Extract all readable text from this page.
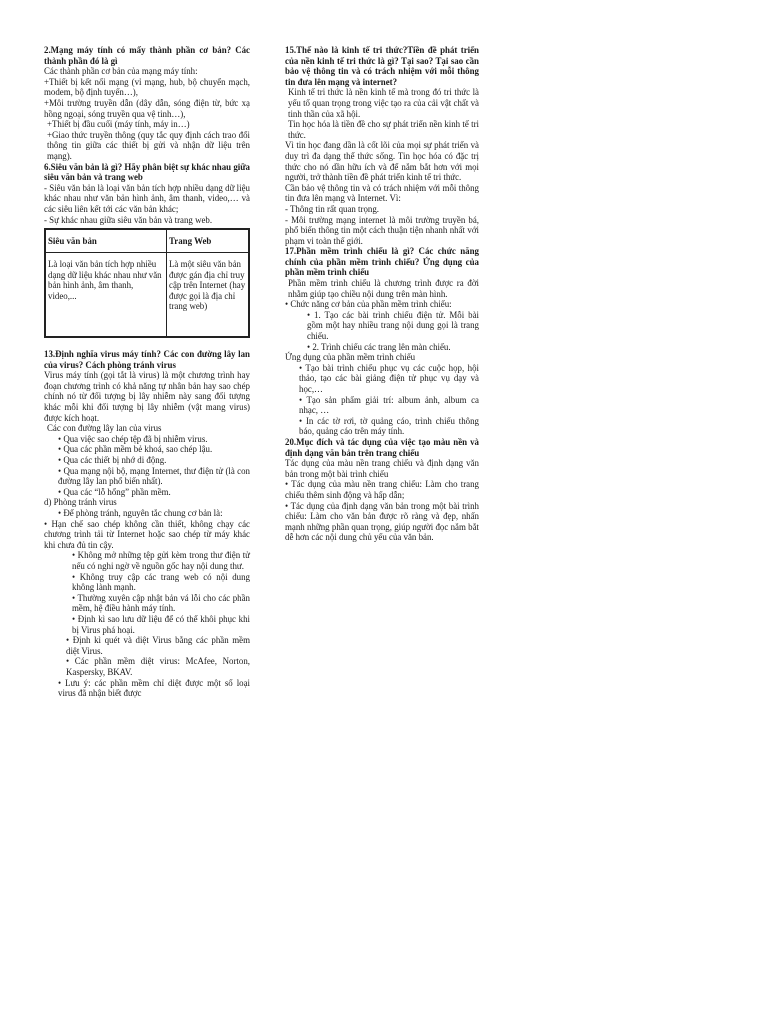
2.Mạng máy tính có mấy thành phần cơ bản? Các thành phần đó là gì

Các thành phần cơ bản của mạng máy tính:

+Thiết bị kết nối mạng (vỉ mạng, hub, bộ chuyển mạch, modem, bộ định tuyến…),

+Môi trường truyền dẫn (dây dẫn, sóng điện từ, bức xạ hồng ngoại, sóng truyền qua vệ tinh…),

+Thiết bị đầu cuối (máy tính, máy in…)

+Giao thức truyền thông (quy tắc quy định cách trao đổi thông tin giữa các thiết bị gửi và nhận dữ liệu trên mạng).

6.Siêu văn bản là gì? Hãy phân biệt sự khác nhau giữa siêu văn bản và trang web

- Siêu văn bản là loại văn bản tích hợp nhiều dạng dữ liệu khác nhau như văn bản hình ảnh, âm thanh, video,… và các siêu liên kết tới các văn bản khác;

- Sự khác nhau giữa siêu văn bản và trang web.

Siêu văn bản	Trang Web
Là loại văn bản tích hợp nhiều dạng dữ liệu khác nhau như văn bản hình ảnh, âm thanh, video,...	Là một siêu văn bản được gán địa chỉ truy cập trên Internet (hay được gọi là địa chỉ trang web)

13.Định nghĩa virus máy tính? Các con đường lây lan của virus? Cách phòng tránh virus

Virus máy tính (gọi tắt là virus) là một chương trình hay đoạn chương trình có khả năng tự nhân bản hay sao chép chính nó từ đối tượng bị lây nhiễm này sang đối tượng khác mỗi khi đối tượng bị lây nhiễm (vật mang virus) được kích hoạt.

Các con đường lây lan của virus

• Qua việc sao chép tệp đã bị nhiễm virus.

• Qua các phần mềm bẻ khoá, sao chép lậu.

• Qua các thiết bị nhớ di động.

• Qua mạng nội bộ, mạng Internet, thư điện tử (là con đường lây lan phổ biến nhất).

• Qua các “lỗ hổng” phần mềm.

d) Phòng tránh virus

• Để phòng tránh, nguyên tắc chung cơ bản là:

• Hạn chế sao chép không cần thiết, không chạy các chương trình tải từ Internet hoặc sao chép từ máy khác khi chưa đủ tin cậy.

• Không mở những tệp gửi kèm trong thư điện tử nếu có nghi ngờ về nguồn gốc hay nội dung thư.

• Không truy cập các trang web có nội dung không lành mạnh.

• Thường xuyên cập nhật bản vá lỗi cho các phần mềm, hệ điều hành máy tính.

• Định kì sao lưu dữ liệu để có thể khôi phục khi bị Virus phá hoại.

• Định kì quét và diệt Virus bằng các phần mềm diệt Virus.

• Các phần mềm diệt virus: McAfee, Norton, Kaspersky, BKAV.

• Lưu ý: các phần mềm chỉ diệt được một số loại virus đã nhận biết được

15.Thế nào là kinh tế tri thức?Tiền đề phát triển của nền kinh tế tri thức là gì? Tại sao? Tại sao cần bảo vệ thông tin và có trách nhiệm với mỗi thông tin đưa lên mạng và internet?

Kinh tế tri thức là nền kinh tế mà trong đó tri thức là yếu tố quan trọng trong việc tạo ra của cải vật chất và tinh thần của xã hội.

Tin học hóa là tiền đề cho sự phát triển nền kinh tế tri thức.

Vì tin học đang dần là cốt lõi của mọi sự phát triển và duy trì đa dạng thể thức sống. Tin học hóa có đặc trị thức cho nó dần hữu ích và để nắm bắt hơn với mọi người, trở thành tiền đề phát triển kinh tế tri thức.

Cần bảo vệ thông tin và có trách nhiệm với mỗi thông tin đưa lên mạng và Internet. Vì:

- Thông tin rất quan trọng.

- Môi trường mạng internet là môi trường truyền bá, phổ biến thông tin một cách thuận tiện nhanh nhất với phạm vi toàn thế giới.

17.Phần mềm trình chiếu là gì? Các chức năng chính của phần mềm trình chiếu? Ứng dụng của phần mềm trình chiếu

Phần mềm trình chiếu là chương trình được ra đời nhằm giúp tạo chiều nội dung trên màn hình.

• Chức năng cơ bản của phần mềm trình chiếu:

• 1. Tạo các bài trình chiếu điện tử. Mỗi bài gồm một hay nhiều trang nội dung gọi là trang chiếu.

• 2. Trình chiếu các trang lên màn chiếu.

Ứng dụng của phần mềm trình chiếu

• Tạo bài trình chiếu phục vụ các cuộc họp, hội thảo, tạo các bài giảng điện tử phục vụ dạy và học,…

• Tạo sản phẩm giải trí: album ảnh, album ca nhạc, …

• In các tờ rơi, tờ quảng cáo, trình chiếu thông báo, quảng cáo trên máy tính.

20.Mục đích và tác dụng của việc tạo màu nền và định dạng văn bản trên trang chiếu

Tác dụng của màu nền trang chiếu và định dạng văn bản trong một bài trình chiếu

• Tác dụng của màu nền trang chiếu: Làm cho trang chiếu thêm sinh động và hấp dẫn;

• Tác dụng của định dạng văn bản trong một bài trình chiếu: Làm cho văn bản được rõ ràng và đẹp, nhấn mạnh những phần quan trọng, giúp người đọc nắm bắt dễ hơn các nội dung chủ yếu của văn bản.
